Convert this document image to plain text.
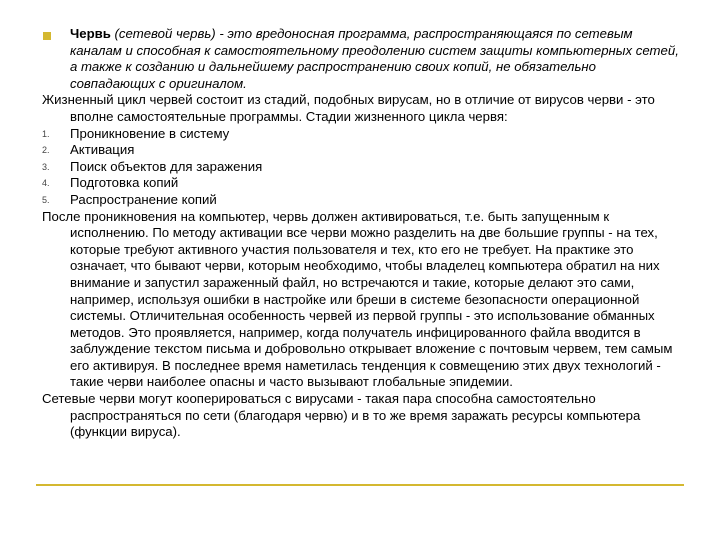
Червь (сетевой червь) - это вредоносная программа, распространяющаяся по сетевым каналам и способная к самостоятельному преодолению систем защиты компьютерных сетей, а также к созданию и дальнейшему распространению своих копий, не обязательно совпадающих с оригиналом.
Жизненный цикл червей состоит из стадий, подобных вирусам, но в отличие от вирусов черви - это вполне самостоятельные программы. Стадии жизненного цикла червя:
1. Проникновение в систему
2. Активация
3. Поиск объектов для заражения
4. Подготовка копий
5. Распространение копий
После проникновения на компьютер, червь должен активироваться, т.е. быть запущенным к исполнению. По методу активации все черви можно разделить на две большие группы - на тех, которые требуют активного участия пользователя и тех, кто его не требует. На практике это означает, что бывают черви, которым необходимо, чтобы владелец компьютера обратил на них внимание и запустил зараженный файл, но встречаются и такие, которые делают это сами, например, используя ошибки в настройке или бреши в системе безопасности операционной системы. Отличительная особенность червей из первой группы - это использование обманных методов. Это проявляется, например, когда получатель инфицированного файла вводится в заблуждение текстом письма и добровольно открывает вложение с почтовым червем, тем самым его активируя. В последнее время наметилась тенденция к совмещению этих двух технологий - такие черви наиболее опасны и часто вызывают глобальные эпидемии.
Сетевые черви могут кооперироваться с вирусами - такая пара способна самостоятельно распространяться по сети (благодаря червю) и в то же время заражать ресурсы компьютера (функции вируса).
